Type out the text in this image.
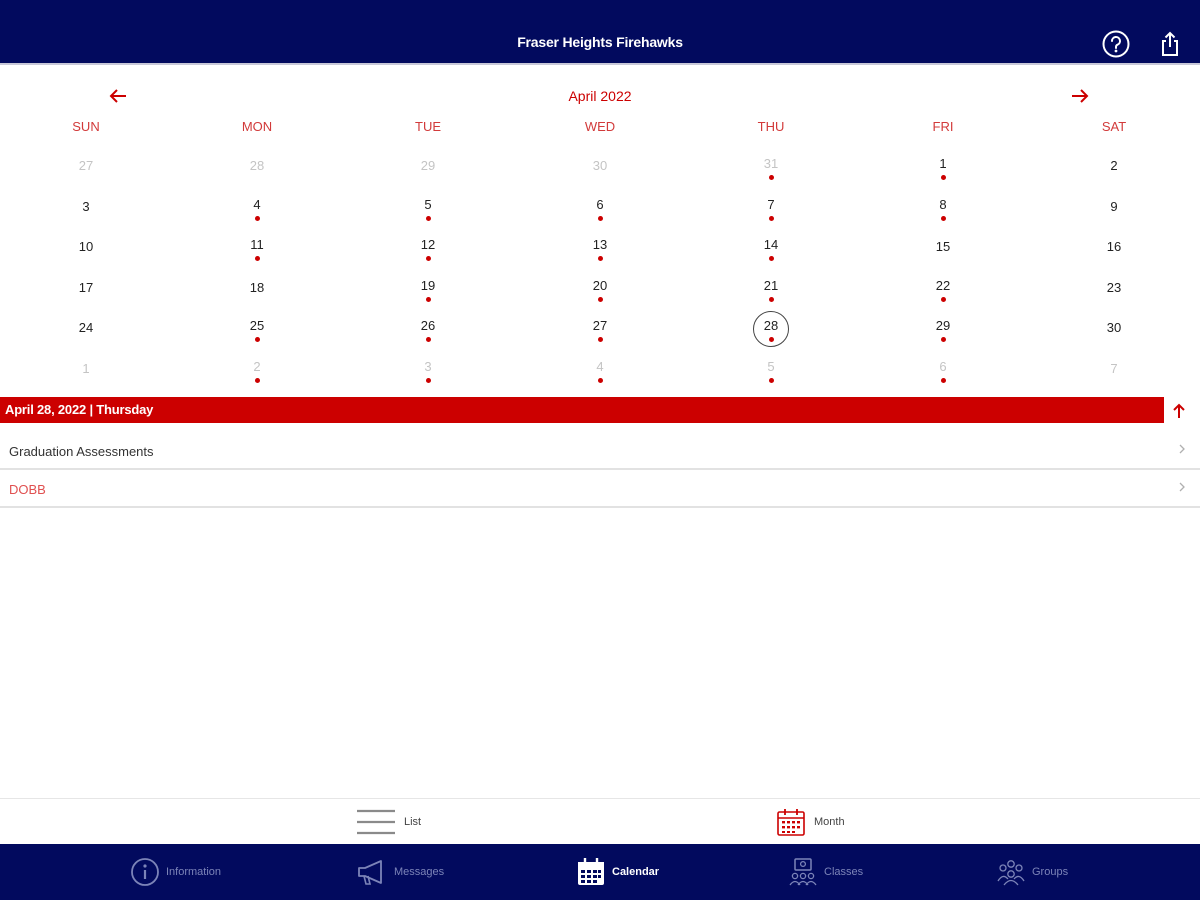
Fraser Heights Firehawks
April 2022
SUN	MON	TUE	WED	THU	FRI	SAT
27	28	29	30	31	1	2
3	4	5	6	7	8	9
10	11	12	13	14	15	16
17	18	19	20	21	22	23
24	25	26	27	28	29	30
1	2	3	4	5	6	7
April 28, 2022 | Thursday
Graduation Assessments
DOBB
List	Month
Information	Messages	Calendar	Classes	Groups
